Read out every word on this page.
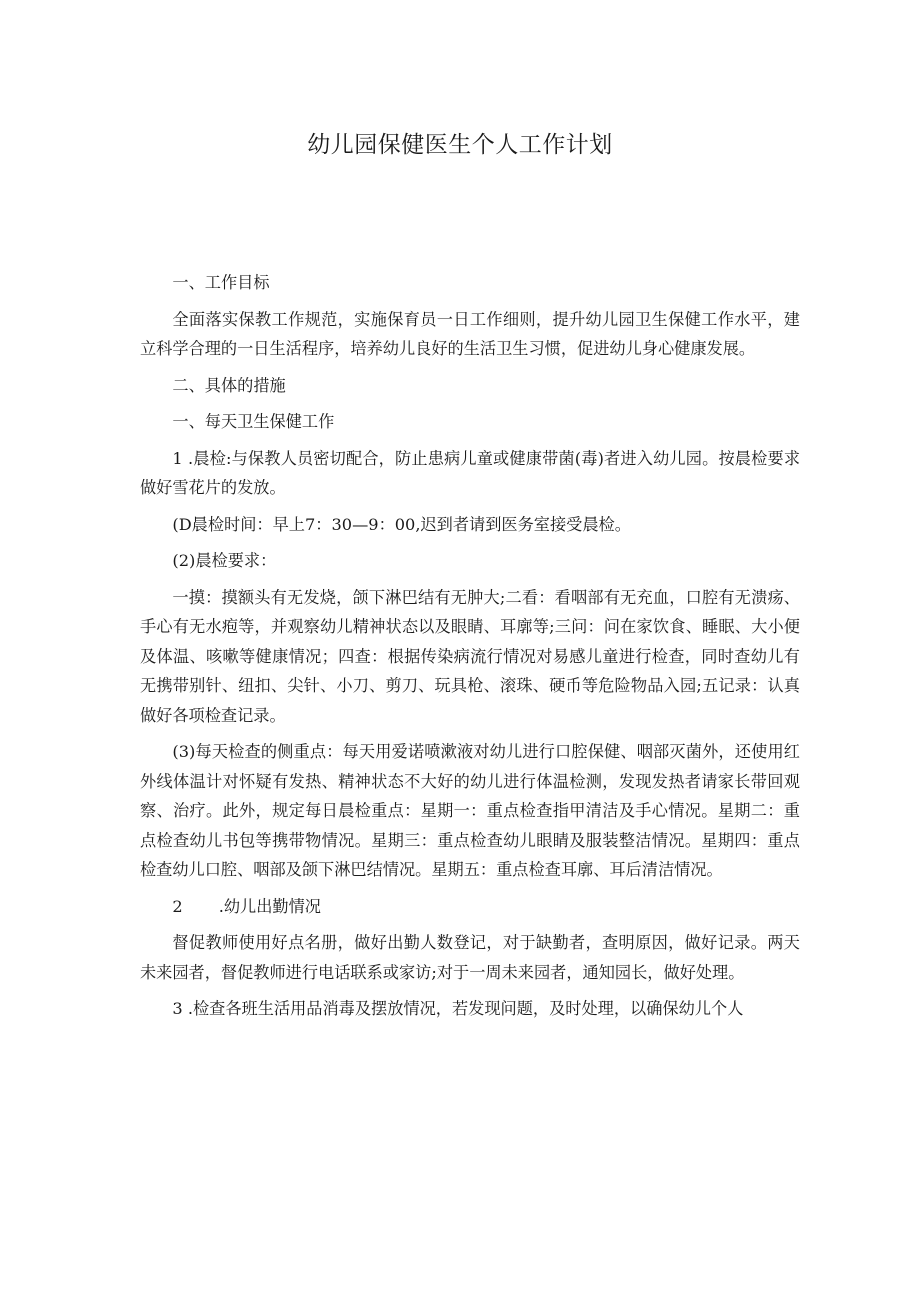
幼儿园保健医生个人工作计划

一、工作目标

全面落实保教工作规范，实施保育员一日工作细则，提升幼儿园卫生保健工作水平，建立科学合理的一日生活程序，培养幼儿良好的生活卫生习惯，促进幼儿身心健康发展。

二、具体的措施

一、每天卫生保健工作

1 .晨检:与保教人员密切配合，防止患病儿童或健康带菌(毒)者进入幼儿园。按晨检要求做好雪花片的发放。

(D晨检时间：早上7：30—9：00,迟到者请到医务室接受晨检。

(2)晨检要求：

一摸：摸额头有无发烧，颌下淋巴结有无肿大;二看：看咽部有无充血，口腔有无溃疡、手心有无水疱等，并观察幼儿精神状态以及眼睛、耳廓等;三问：问在家饮食、睡眠、大小便及体温、咳嗽等健康情况；四查：根据传染病流行情况对易感儿童进行检查，同时查幼儿有无携带别针、纽扣、尖针、小刀、剪刀、玩具枪、滚珠、硬币等危险物品入园;五记录：认真做好各项检查记录。

(3)每天检查的侧重点：每天用爱诺喷漱液对幼儿进行口腔保健、咽部灭菌外，还使用红外线体温计对怀疑有发热、精神状态不大好的幼儿进行体温检测，发现发热者请家长带回观察、治疗。此外，规定每日晨检重点：星期一：重点检查指甲清洁及手心情况。星期二：重点检查幼儿书包等携带物情况。星期三：重点检查幼儿眼睛及服装整洁情况。星期四：重点检查幼儿口腔、咽部及颌下淋巴结情况。星期五：重点检查耳廓、耳后清洁情况。

2 .幼儿出勤情况

督促教师使用好点名册，做好出勤人数登记，对于缺勤者，查明原因，做好记录。两天未来园者，督促教师进行电话联系或家访;对于一周未来园者，通知园长，做好处理。

3 .检查各班生活用品消毒及摆放情况，若发现问题，及时处理，以确保幼儿个人
